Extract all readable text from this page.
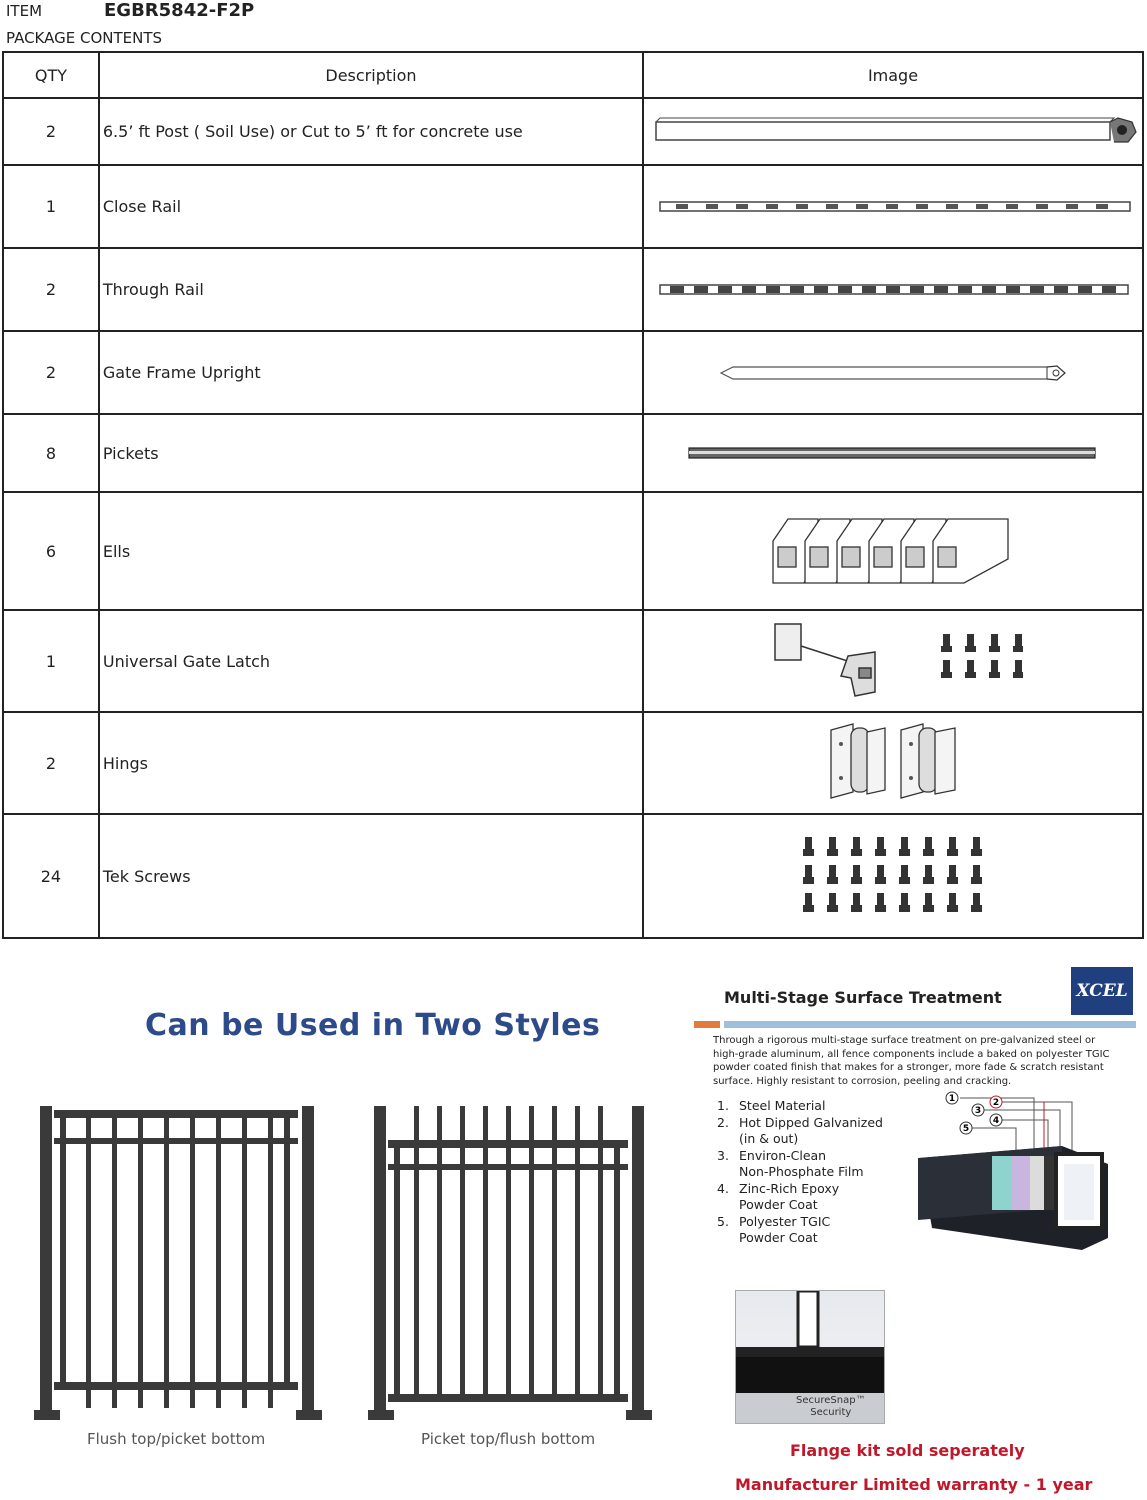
ITEM	EGBR5842-F2P
PACKAGE CONTENTS
QTY	Description	Image
2	6.5’ ft Post ( Soil Use) or Cut to 5’ ft for concrete use	

1	Close Rail	

2	Through Rail	

2	Gate Frame Upright	

8	Pickets	

6	Ells	

1	Universal Gate Latch	

2	Hings	

24	Tek Screws	
Can be Used in Two Styles
Flush top/picket bottom	Picket top/flush bottom
Multi-Stage Surface Treatment	XCEL
Through a rigorous multi-stage surface treatment on pre-galvanized steel or high-grade aluminum, all fence components include a baked on polyester TGIC powder coated finish that makes for a stronger, more fade & scratch resistant surface. Highly resistant to corrosion, peeling and cracking.
1. Steel Material
2. Hot Dipped Galvanized
(in & out)
3. Environ-Clean
Non-Phosphate Film
4. Zinc-Rich Epoxy
Powder Coat
5. Polyester TGIC
Powder Coat
1	2
3
4
5
SecureSnap™
Security
Flange kit sold seperately
Manufacturer Limited warranty - 1 year
